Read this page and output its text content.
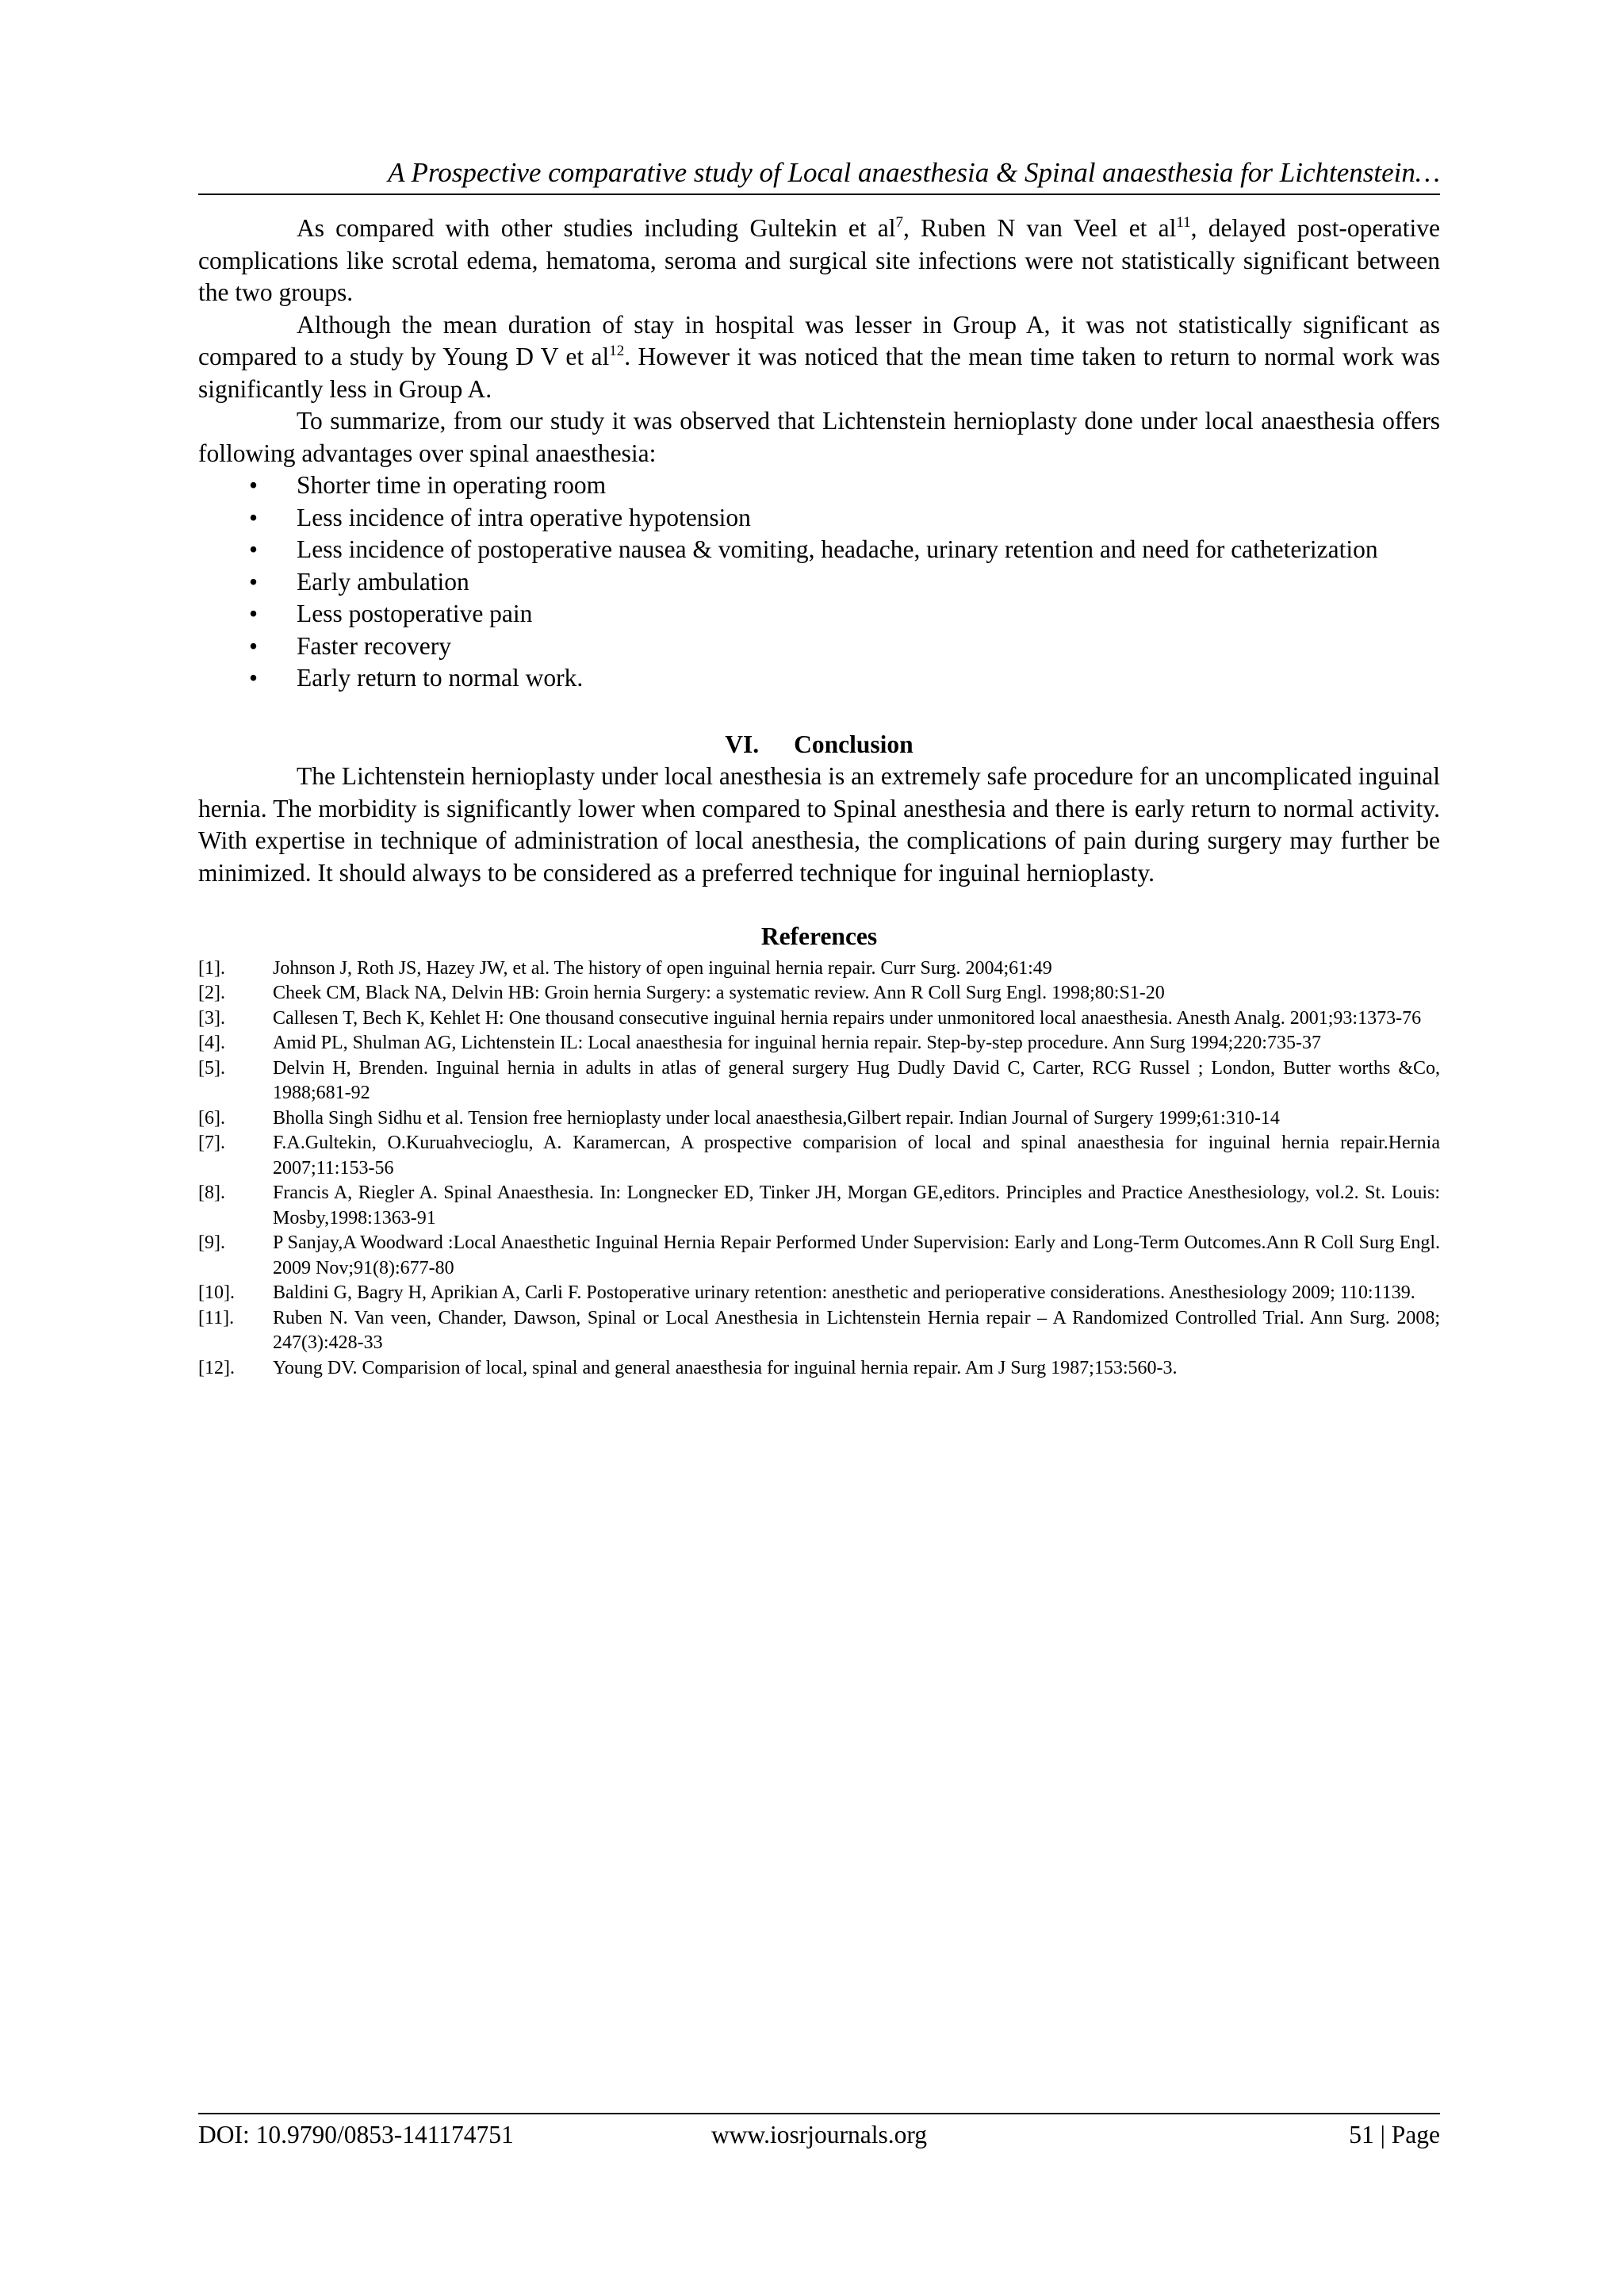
A Prospective comparative study of Local anaesthesia & Spinal anaesthesia for Lichtenstein…

As compared with other studies including Gultekin et $al^7$, Ruben N van Veel et $al^{11}$, delayed post-operative complications like scrotal edema, hematoma, seroma and surgical site infections were not statistically significant between the two groups.

Although the mean duration of stay in hospital was lesser in Group A, it was not statistically significant as compared to a study by Young D V et $al^{12}$. However it was noticed that the mean time taken to return to normal work was significantly less in Group A.

To summarize, from our study it was observed that Lichtenstein hernioplasty done under local anaesthesia offers following advantages over spinal anaesthesia:

• Shorter time in operating room
• Less incidence of intra operative hypotension
• Less incidence of postoperative nausea & vomiting, headache, urinary retention and need for catheterization
• Early ambulation
• Less postoperative pain
• Faster recovery
• Early return to normal work.
VI. Conclusion

The Lichtenstein hernioplasty under local anesthesia is an extremely safe procedure for an uncomplicated inguinal hernia. The morbidity is significantly lower when compared to Spinal anesthesia and there is early return to normal activity. With expertise in technique of administration of local anesthesia, the complications of pain during surgery may further be minimized. It should always to be considered as a preferred technique for inguinal hernioplasty.

References
[1].	Johnson J, Roth JS, Hazey JW, et al. The history of open inguinal hernia repair. Curr Surg. 2004;61:49
[2].	Cheek CM, Black NA, Delvin HB: Groin hernia Surgery: a systematic review. Ann R Coll Surg Engl. 1998;80:S1-20
[3].	Callesen T, Bech K, Kehlet H: One thousand consecutive inguinal hernia repairs under unmonitored local anaesthesia. Anesth Analg. 2001;93:1373-76
[4].	Amid PL, Shulman AG, Lichtenstein IL: Local anaesthesia for inguinal hernia repair. Step-by-step procedure. Ann Surg 1994;220:735-37
[5].	Delvin H, Brenden. Inguinal hernia in adults in atlas of general surgery Hug Dudly David C, Carter, RCG Russel ; London, Butter worths &Co, 1988;681-92
[6].	Bholla Singh Sidhu et al. Tension free hernioplasty under local anaesthesia,Gilbert repair. Indian Journal of Surgery 1999;61:310-14
[7].	F.A.Gultekin, O.Kuruahvecioglu, A. Karamercan, A prospective comparision of local and spinal anaesthesia for inguinal hernia repair.Hernia 2007;11:153-56
[8].	Francis A, Riegler A. Spinal Anaesthesia. In: Longnecker ED, Tinker JH, Morgan GE,editors. Principles and Practice Anesthesiology, vol.2. St. Louis: Mosby,1998:1363-91
[9].	P Sanjay,A Woodward :Local Anaesthetic Inguinal Hernia Repair Performed Under Supervision: Early and Long-Term Outcomes.Ann R Coll Surg Engl. 2009 Nov;91(8):677-80
[10]. Baldini G, Bagry H, Aprikian A, Carli F. Postoperative urinary retention: anesthetic and perioperative considerations. Anesthesiology 2009; 110:1139.
[11]. Ruben N. Van veen, Chander, Dawson, Spinal or Local Anesthesia in Lichtenstein Hernia repair – A Randomized Controlled Trial. Ann Surg. 2008; 247(3):428-33
[12]. Young DV. Comparision of local, spinal and general anaesthesia for inguinal hernia repair. Am J Surg 1987;153:560-3.
DOI: 10.9790/0853-141174751	www.iosrjournals.org	51 | Page
